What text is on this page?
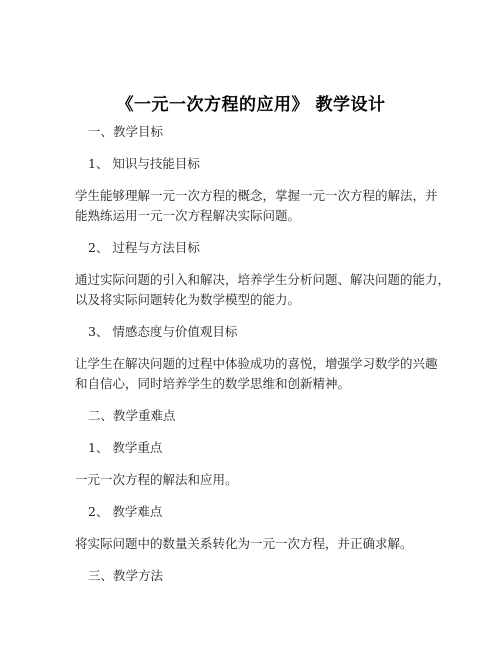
《一元一次方程的应用》 教学设计
一、教学目标
1、 知识与技能目标
学生能够理解一元一次方程的概念，掌握一元一次方程的解法，并
能熟练运用一元一次方程解决实际问题。
2、 过程与方法目标
通过实际问题的引入和解决，培养学生分析问题、解决问题的能力，
以及将实际问题转化为数学模型的能力。
3、 情感态度与价值观目标
让学生在解决问题的过程中体验成功的喜悦，增强学习数学的兴趣
和自信心，同时培养学生的数学思维和创新精神。
二、教学重难点
1、 教学重点
一元一次方程的解法和应用。
2、 教学难点
将实际问题中的数量关系转化为一元一次方程，并正确求解。
三、教学方法
